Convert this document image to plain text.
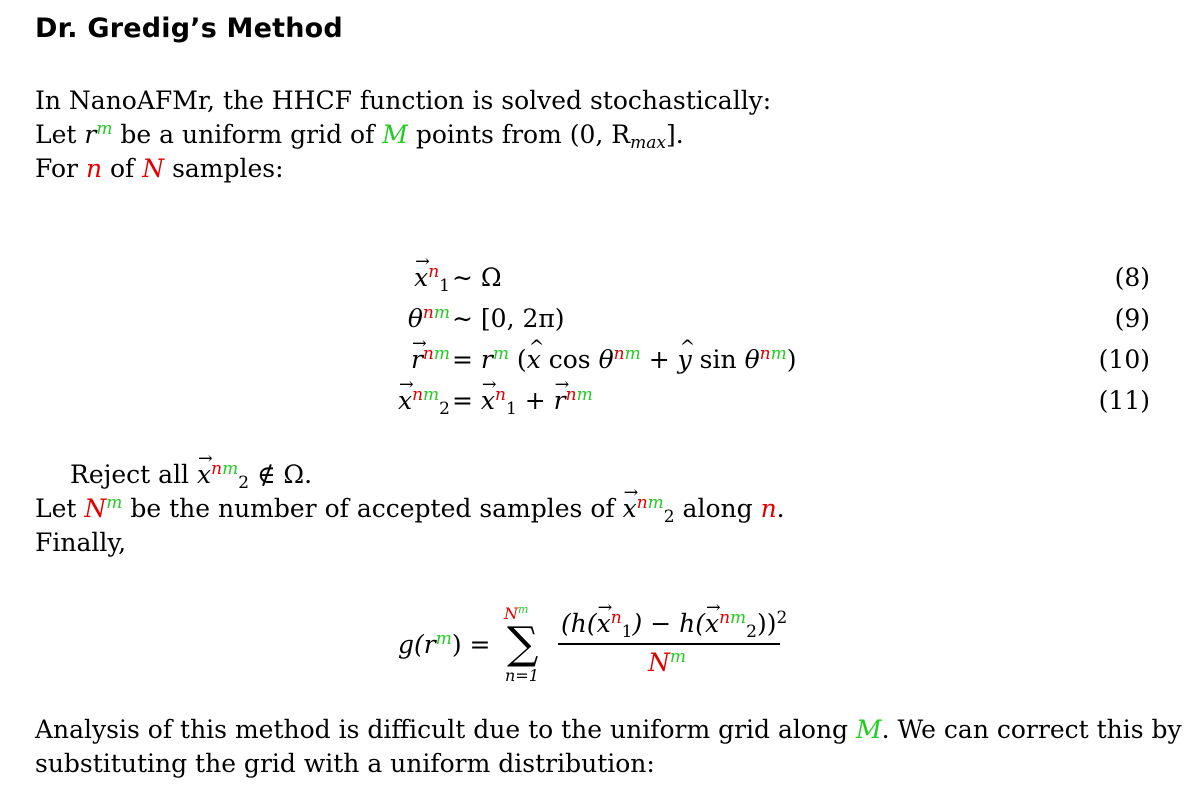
Dr. Gredig’s Method
In NanoAFMr, the HHCF function is solved stochastically:
Let $r^m$ be a uniform grid of M points from (0, $R_{max}$].
For n of N samples:
→ $x^n_1$ ∼ Ω	(8)
$\theta^{nm}$ ∼ [0, 2π)	(9)
→ $r^{nm} = r^m$ (^ x $\cos \theta^{nm}$ + ^ y $\sin \theta^{nm}$)	(10)
→ $x^{nm}_2$ = → $x^n_1$ + → $r^{nm}$	(11)
Reject all → $x^{nm}_2$ ∉ Ω.
Let $N^m$ be the number of accepted samples of → $x^{nm}_2$ along n.
Finally,
$g(r^m)$ =
$N^m$
∑
n=1
$(h(\to x^n_1) - h(\to x^{nm}_2))^2$
$N^m$
Analysis of this method is difficult due to the uniform grid along M. We can correct this by
substituting the grid with a uniform distribution:
